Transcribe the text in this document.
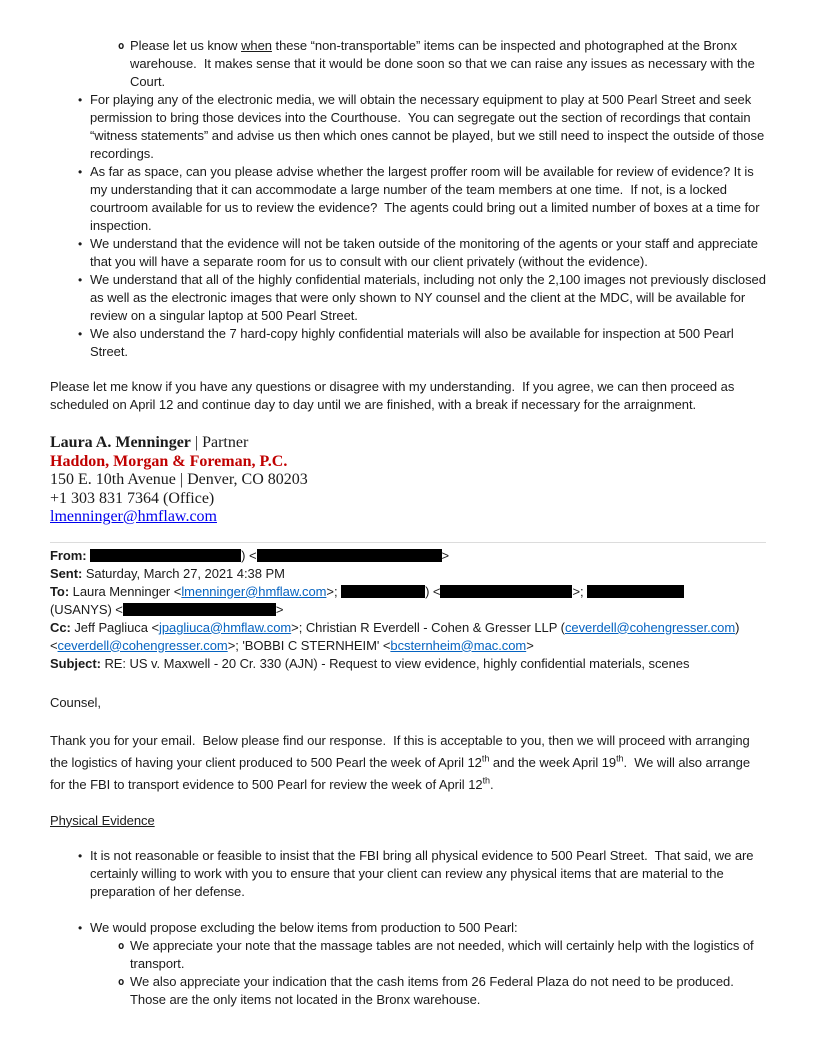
o Please let us know when these “non-transportable” items can be inspected and photographed at the Bronx warehouse.  It makes sense that it would be done soon so that we can raise any issues as necessary with the Court.
• For playing any of the electronic media, we will obtain the necessary equipment to play at 500 Pearl Street and seek permission to bring those devices into the Courthouse.  You can segregate out the section of recordings that contain “witness statements” and advise us then which ones cannot be played, but we still need to inspect the outside of those recordings.
• As far as space, can you please advise whether the largest proffer room will be available for review of evidence? It is my understanding that it can accommodate a large number of the team members at one time.  If not, is a locked courtroom available for us to review the evidence?  The agents could bring out a limited number of boxes at a time for inspection.
• We understand that the evidence will not be taken outside of the monitoring of the agents or your staff and appreciate that you will have a separate room for us to consult with our client privately (without the evidence).
• We understand that all of the highly confidential materials, including not only the 2,100 images not previously disclosed as well as the electronic images that were only shown to NY counsel and the client at the MDC, will be available for review on a singular laptop at 500 Pearl Street.
• We also understand the 7 hard-copy highly confidential materials will also be available for inspection at 500 Pearl Street.

Please let me know if you have any questions or disagree with my understanding.  If you agree, we can then proceed as scheduled on April 12 and continue day to day until we are finished, with a break if necessary for the arraignment.

Laura A. Menninger | Partner
Haddon, Morgan & Foreman, P.C.
150 E. 10th Avenue | Denver, CO 80203
+1 303 831 7364 (Office)
lmenninger@hmflaw.com
From:	) <	>
Sent: Saturday, March 27, 2021 4:38 PM
To: Laura Menninger <lmenninger@hmflaw.com>;	) <	>;
(USANYS) <	>
Cc: Jeff Pagliuca <jpagliuca@hmflaw.com>; Christian R Everdell - Cohen & Gresser LLP (ceverdell@cohengresser.com)
<ceverdell@cohengresser.com>; 'BOBBI C STERNHEIM' <bcsternheim@mac.com>
Subject: RE: US v. Maxwell - 20 Cr. 330 (AJN) - Request to view evidence, highly confidential materials, scenes

Counsel,

Thank you for your email.  Below please find our response.  If this is acceptable to you, then we will proceed with arranging the logistics of having your client produced to 500 Pearl the week of April 12th and the week April 19th.  We will also arrange for the FBI to transport evidence to 500 Pearl for review the week of April 12th.

Physical Evidence

• It is not reasonable or feasible to insist that the FBI bring all physical evidence to 500 Pearl Street.  That said, we are certainly willing to work with you to ensure that your client can review any physical items that are material to the preparation of her defense.
• We would propose excluding the below items from production to 500 Pearl:
o We appreciate your note that the massage tables are not needed, which will certainly help with the logistics of transport.
o We also appreciate your indication that the cash items from 26 Federal Plaza do not need to be produced. Those are the only items not located in the Bronx warehouse.
